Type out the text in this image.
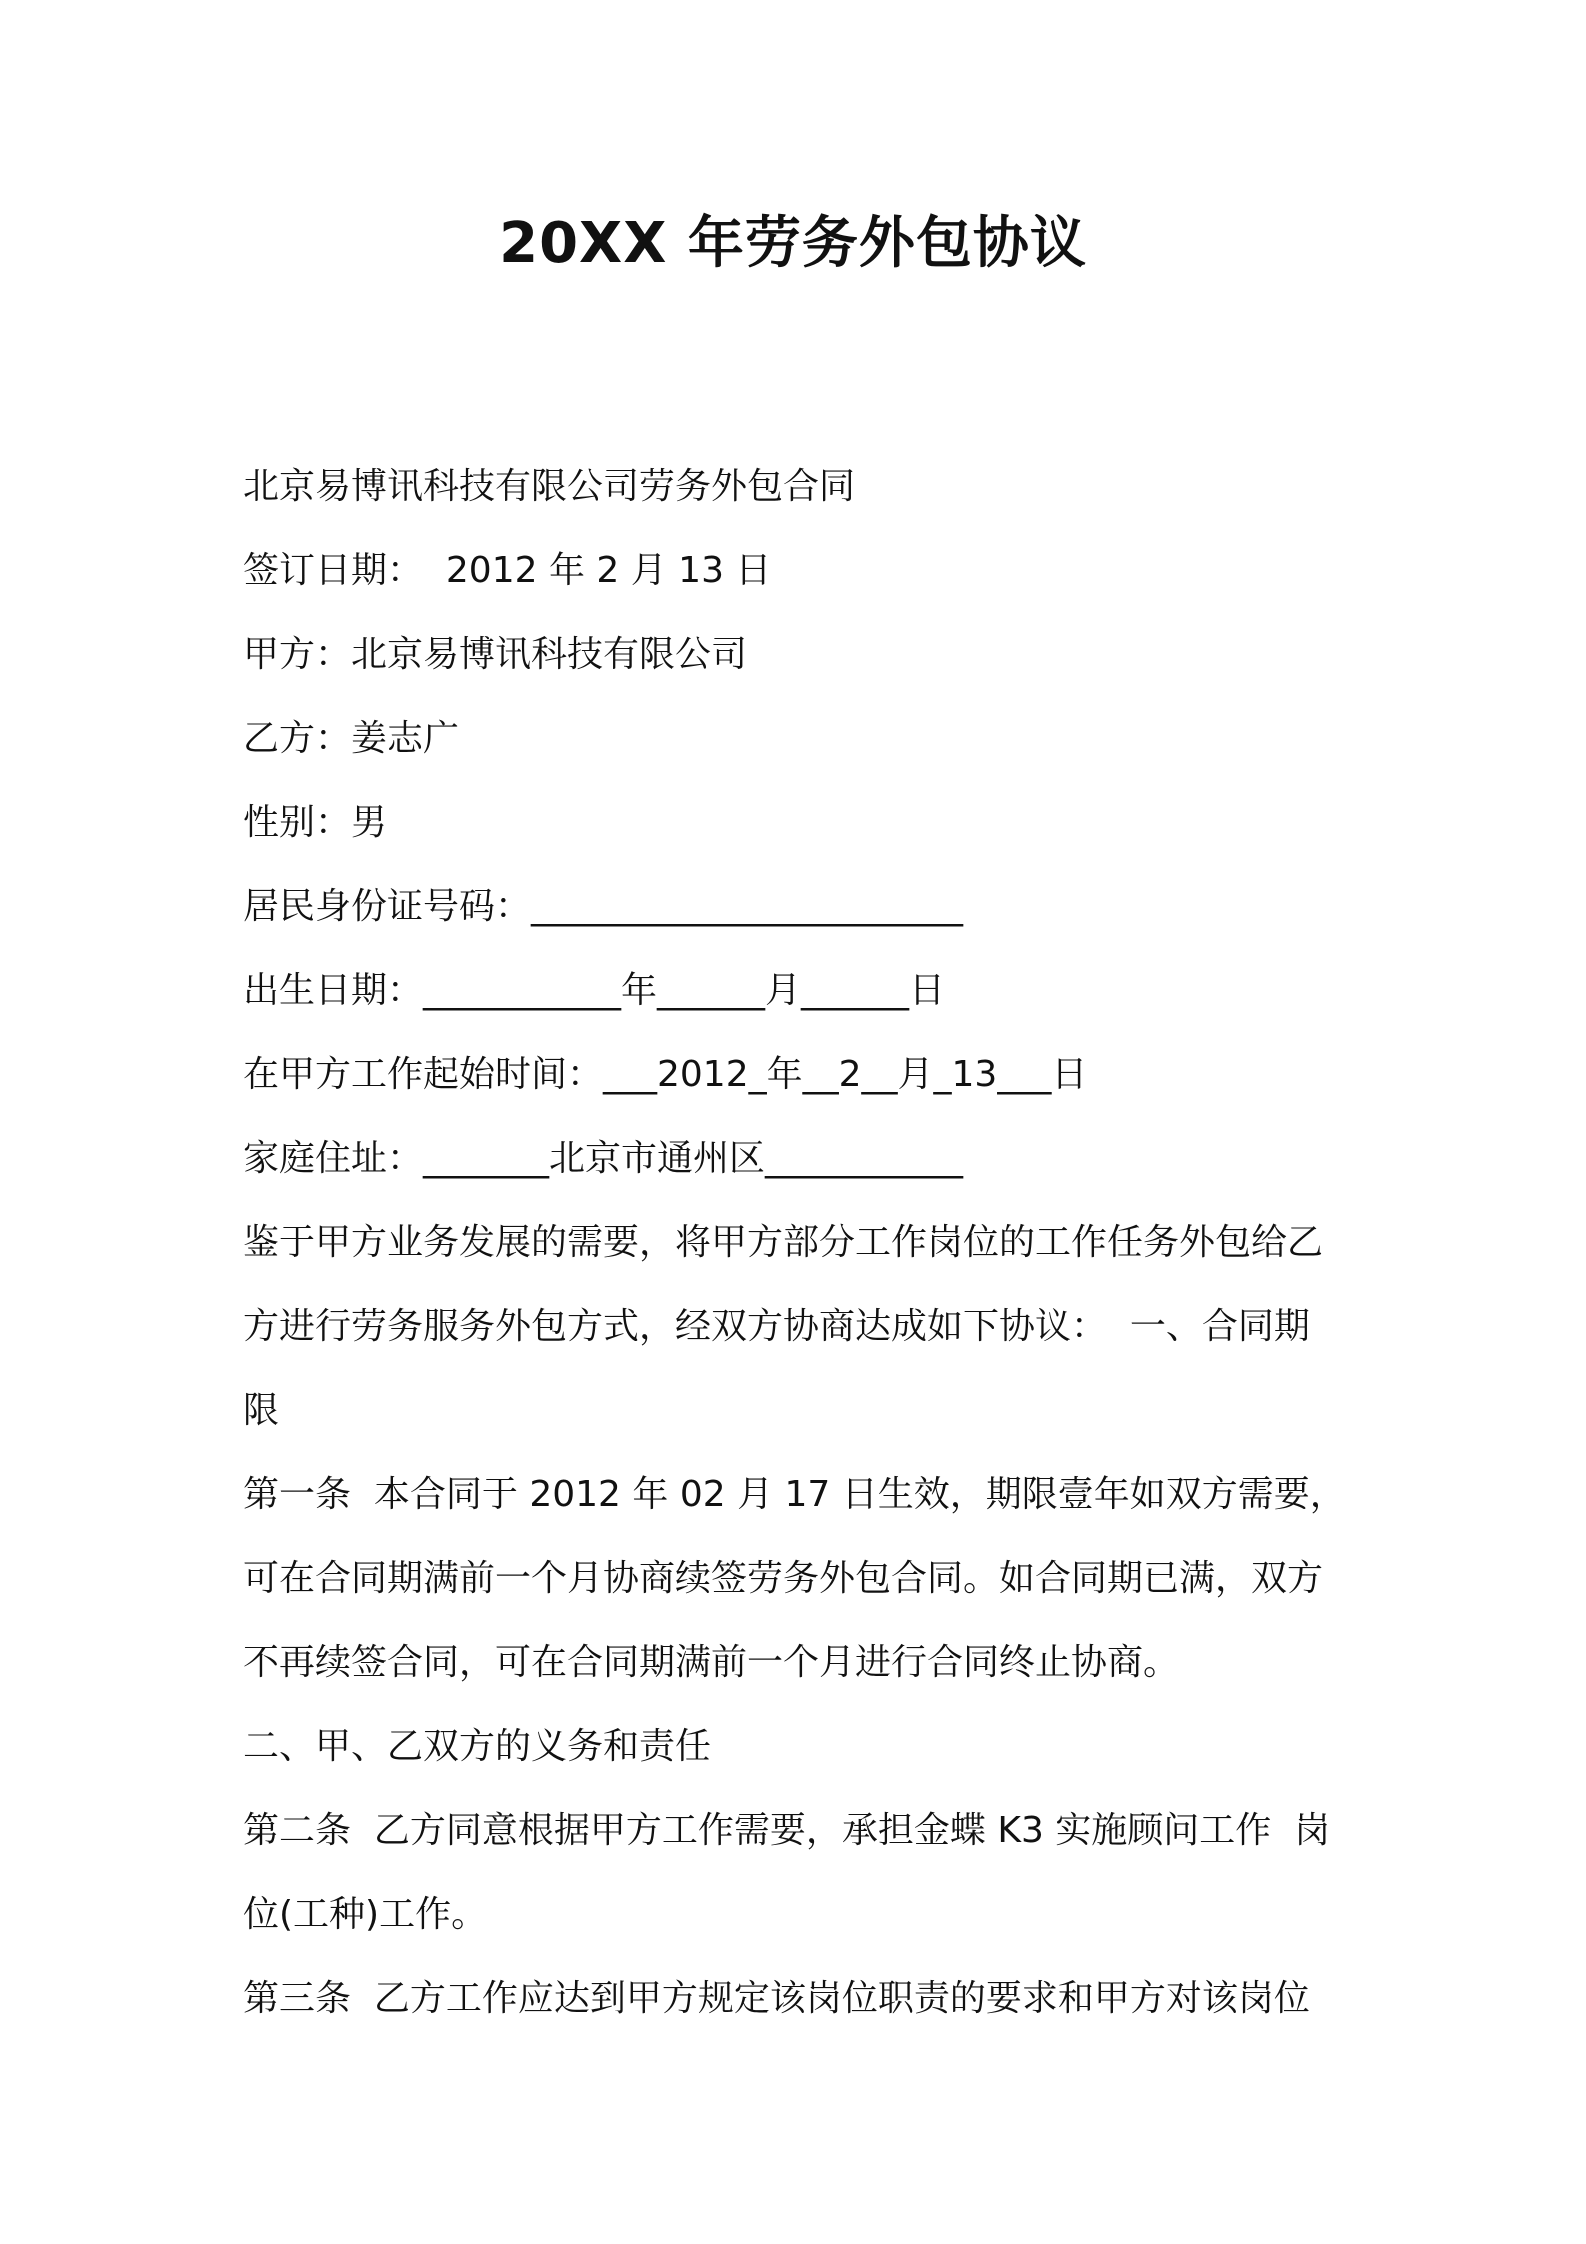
20XX 年劳务外包协议
北京易博讯科技有限公司劳务外包合同
签订日期：  2012 年 2 月 13 日
甲方：北京易博讯科技有限公司
乙方：姜志广
性别：男
居民身份证号码：________________________
出生日期：___________年______月______日
在甲方工作起始时间：___2012_年__2__月_13___日
家庭住址：_______北京市通州区___________
鉴于甲方业务发展的需要，将甲方部分工作岗位的工作任务外包给乙
方进行劳务服务外包方式，经双方协商达成如下协议：  一、合同期
限
第一条  本合同于 2012 年 02 月 17 日生效，期限壹年如双方需要，
可在合同期满前一个月协商续签劳务外包合同。如合同期已满，双方
不再续签合同，可在合同期满前一个月进行合同终止协商。
二、甲、乙双方的义务和责任
第二条  乙方同意根据甲方工作需要，承担金蝶 K3 实施顾问工作  岗
位(工种)工作。
第三条  乙方工作应达到甲方规定该岗位职责的要求和甲方对该岗位
